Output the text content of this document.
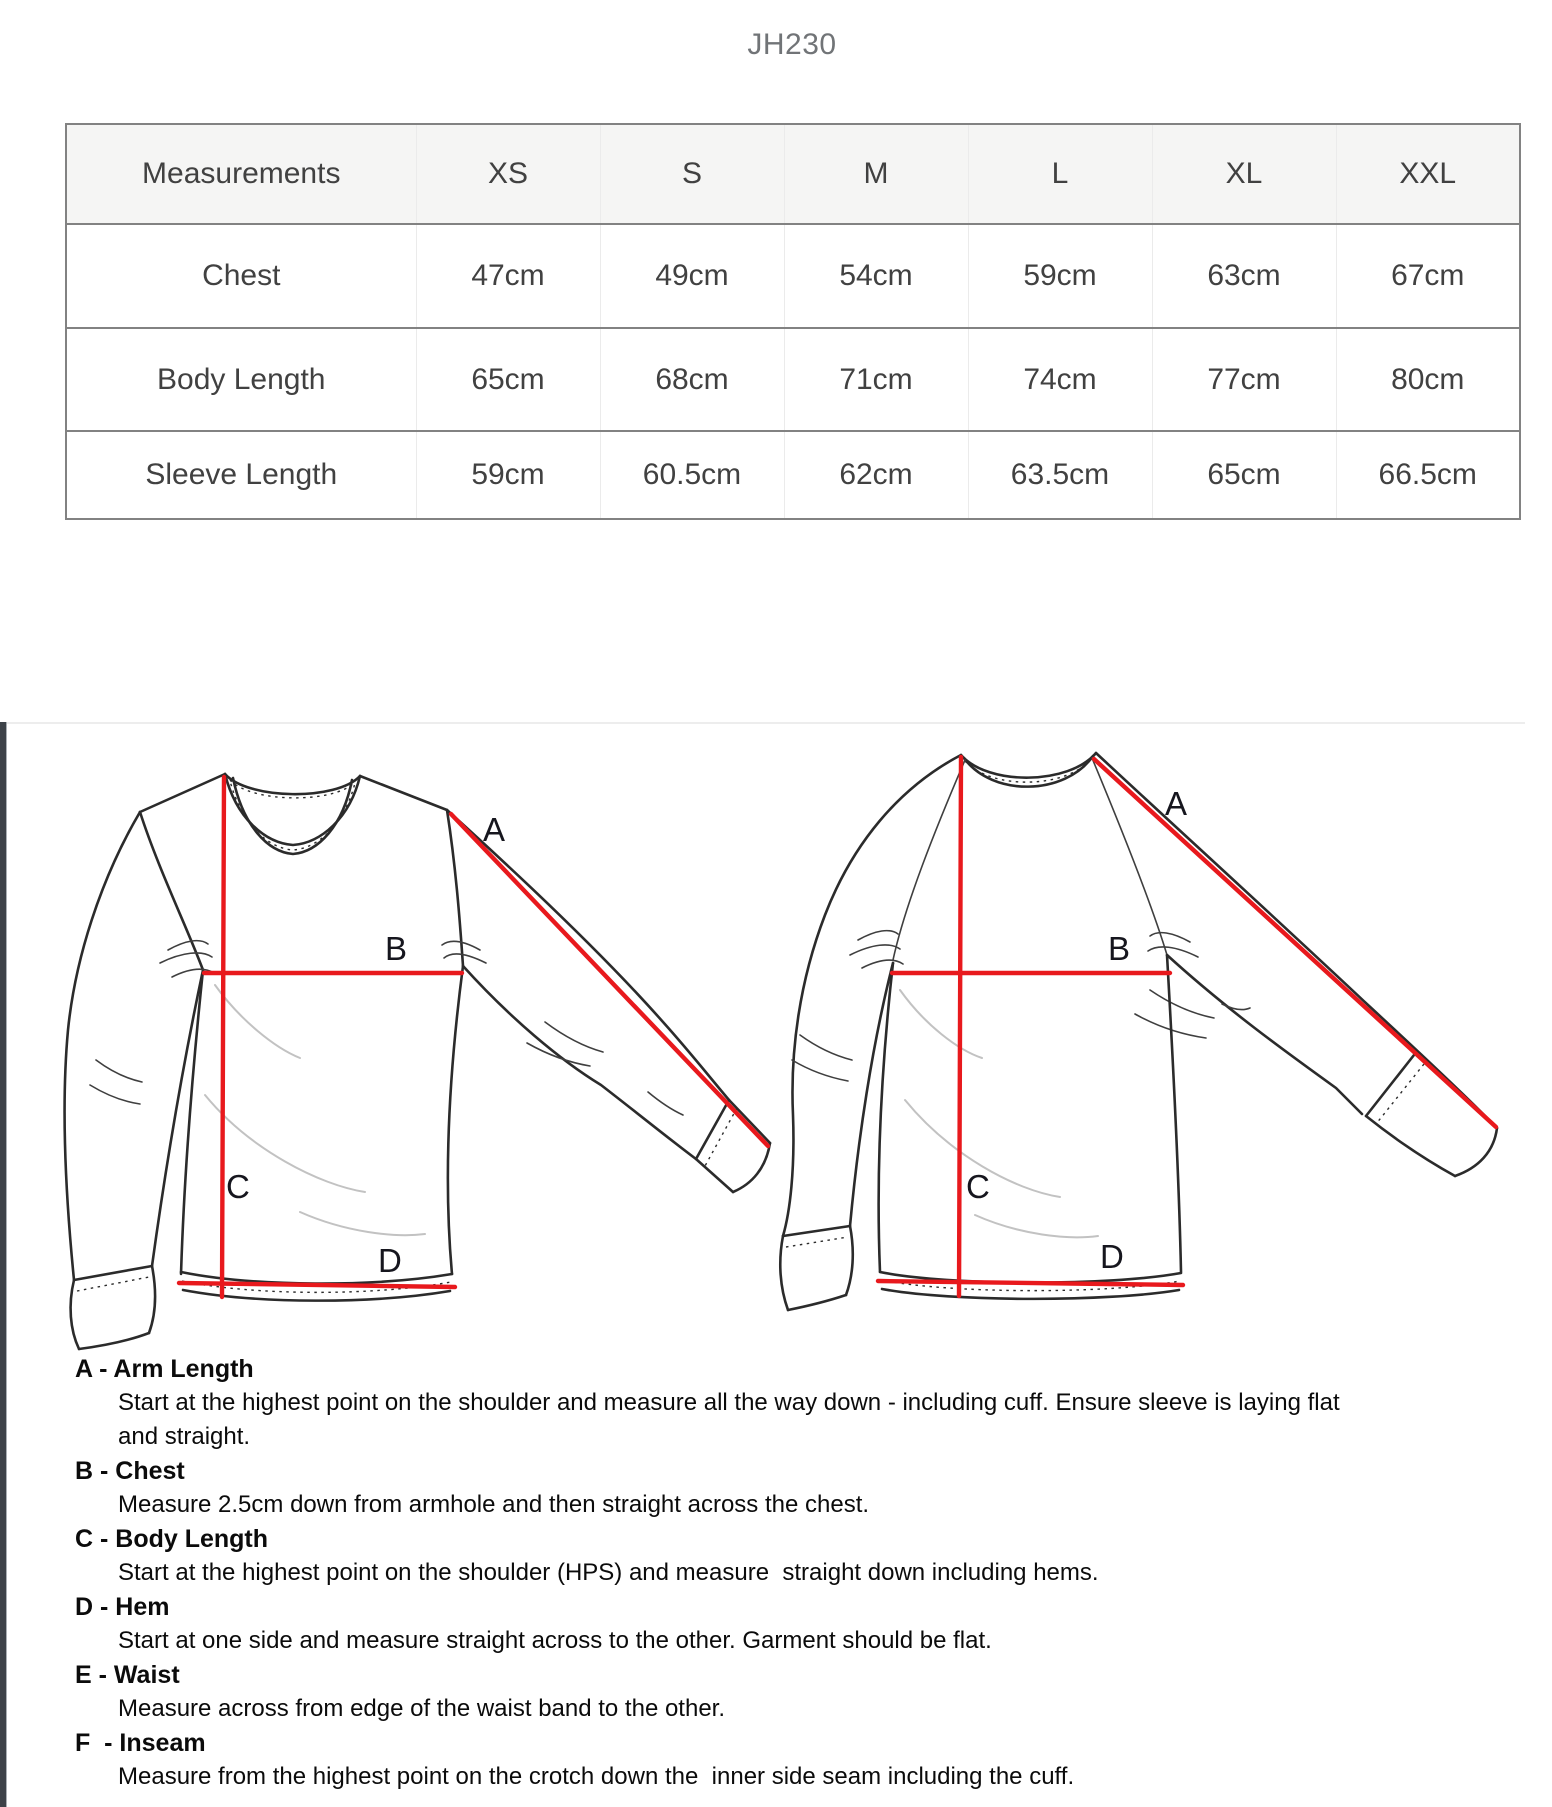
JH230
Measurements	XS	S	M	L	XL	XXL
Chest	47cm	49cm	54cm	59cm	63cm	67cm
Body Length	65cm	68cm	71cm	74cm	77cm	80cm
Sleeve Length	59cm	60.5cm	62cm	63.5cm	65cm	66.5cm
A
B
C
D
A
B
C
D
A - Arm Length
Start at the highest point on the shoulder and measure all the way down - including cuff. Ensure sleeve is laying flat
and straight.
B - Chest
Measure 2.5cm down from armhole and then straight across the chest.
C - Body Length
Start at the highest point on the shoulder (HPS) and measure  straight down including hems.
D - Hem
Start at one side and measure straight across to the other. Garment should be flat.
E - Waist
Measure across from edge of the waist band to the other.
F  - Inseam
Measure from the highest point on the crotch down the  inner side seam including the cuff.
